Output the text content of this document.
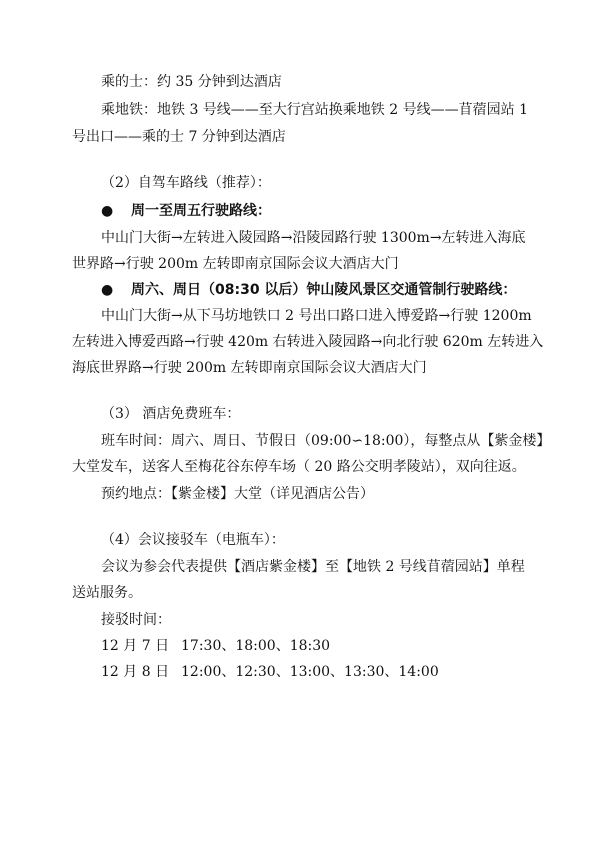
乘的士：约 35 分钟到达酒店
乘地铁：地铁 3 号线——至大行宫站换乘地铁 2 号线——苜蓿园站 1
号出口——乘的士 7 分钟到达酒店
（2）自驾车路线（推荐）：
● 周一至周五行驶路线：
中山门大街→左转进入陵园路→沿陵园路行驶 1300m→左转进入海底
世界路→行驶 200m 左转即南京国际会议大酒店大门
● 周六、周日（08:30 以后）钟山陵风景区交通管制行驶路线：
中山门大街→从下马坊地铁口 2 号出口路口进入博爱路→行驶 1200m
左转进入博爱西路→行驶 420m 右转进入陵园路→向北行驶 620m 左转进入
海底世界路→行驶 200m 左转即南京国际会议大酒店大门
（3） 酒店免费班车：
班车时间：周六、周日、节假日（09:00∽18:00），每整点从【紫金楼】
大堂发车，送客人至梅花谷东停车场（ 20 路公交明孝陵站），双向往返。
预约地点：【紫金楼】大堂（详见酒店公告）
（4）会议接驳车（电瓶车）：
会议为参会代表提供【酒店紫金楼】至【地铁 2 号线苜蓿园站】单程
送站服务。
接驳时间：
12 月 7 日 17:30、18:00、18:30
12 月 8 日 12:00、12:30、13:00、13:30、14:00
